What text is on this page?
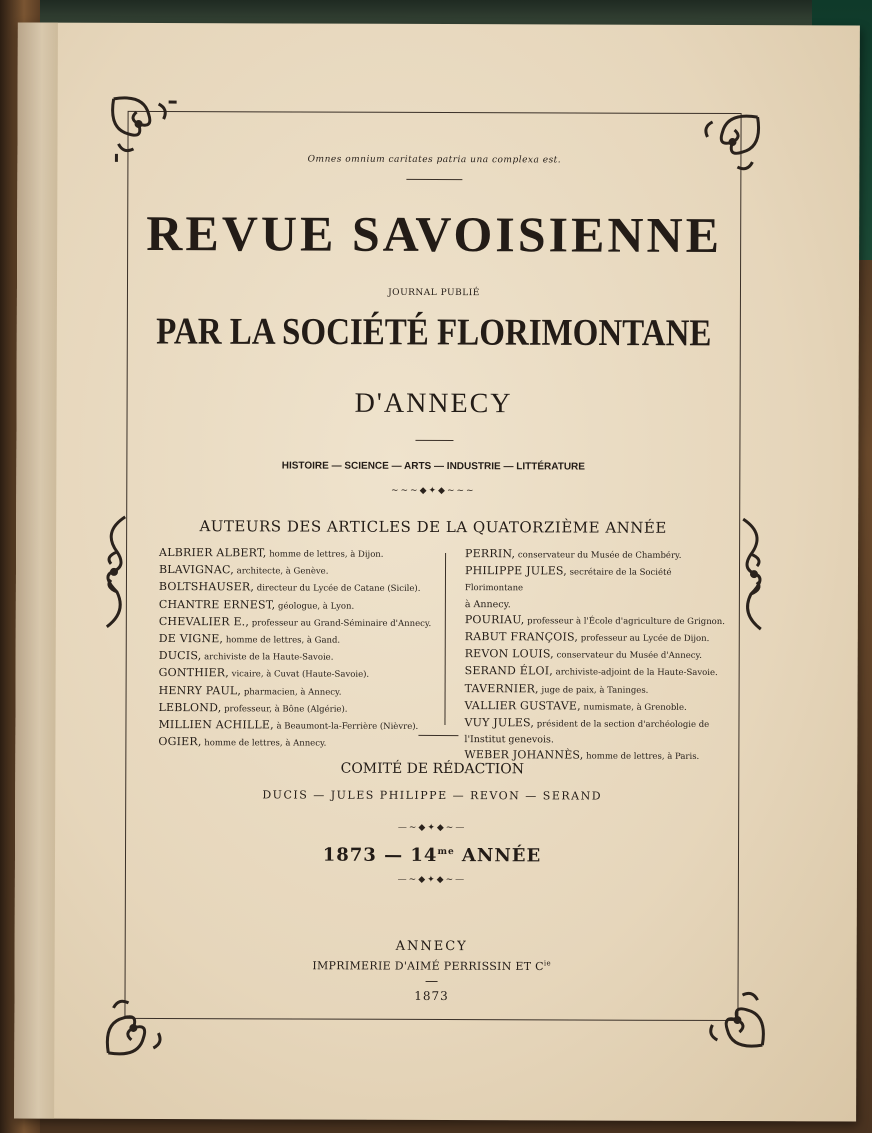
Omnes omnium caritates patria una complexa est.
REVUE SAVOISIENNE
JOURNAL PUBLIÉ
PAR LA SOCIÉTÉ FLORIMONTANE
D'ANNECY
HISTOIRE — SCIENCE — ARTS — INDUSTRIE — LITTÉRATURE
~~~◆✦◆~~~
AUTEURS DES ARTICLES DE LA QUATORZIÈME ANNÉE
ALBRIER ALBERT, homme de lettres, à Dijon.
BLAVIGNAC, architecte, à Genève.
BOLTSHAUSER, directeur du Lycée de Catane (Sicile).
CHANTRE ERNEST, géologue, à Lyon.
CHEVALIER E., professeur au Grand-Séminaire d'Annecy.
DE VIGNE, homme de lettres, à Gand.
DUCIS, archiviste de la Haute-Savoie.
GONTHIER, vicaire, à Cuvat (Haute-Savoie).
HENRY PAUL, pharmacien, à Annecy.
LEBLOND, professeur, à Bône (Algérie).
MILLIEN ACHILLE, à Beaumont-la-Ferrière (Nièvre).
OGIER, homme de lettres, à Annecy.
PERRIN, conservateur du Musée de Chambéry.
PHILIPPE JULES, secrétaire de la Société Florimontane
à Annecy.
POURIAU, professeur à l'École d'agriculture de Grignon.
RABUT FRANÇOIS, professeur au Lycée de Dijon.
REVON LOUIS, conservateur du Musée d'Annecy.
SERAND ÉLOI, archiviste-adjoint de la Haute-Savoie.
TAVERNIER, juge de paix, à Taninges.
VALLIER GUSTAVE, numismate, à Grenoble.
VUY JULES, président de la section d'archéologie de
l'Institut genevois.
WEBER JOHANNÈS, homme de lettres, à Paris.
COMITÉ DE RÉDACTION
DUCIS — JULES PHILIPPE — REVON — SERAND
—~◆✦◆~—
1873 — $14^{me}$ ANNÉE
—~◆✦◆~—
ANNECY
IMPRIMERIE D'AIMÉ PERRISSIN ET $C^{ie}$
1873
